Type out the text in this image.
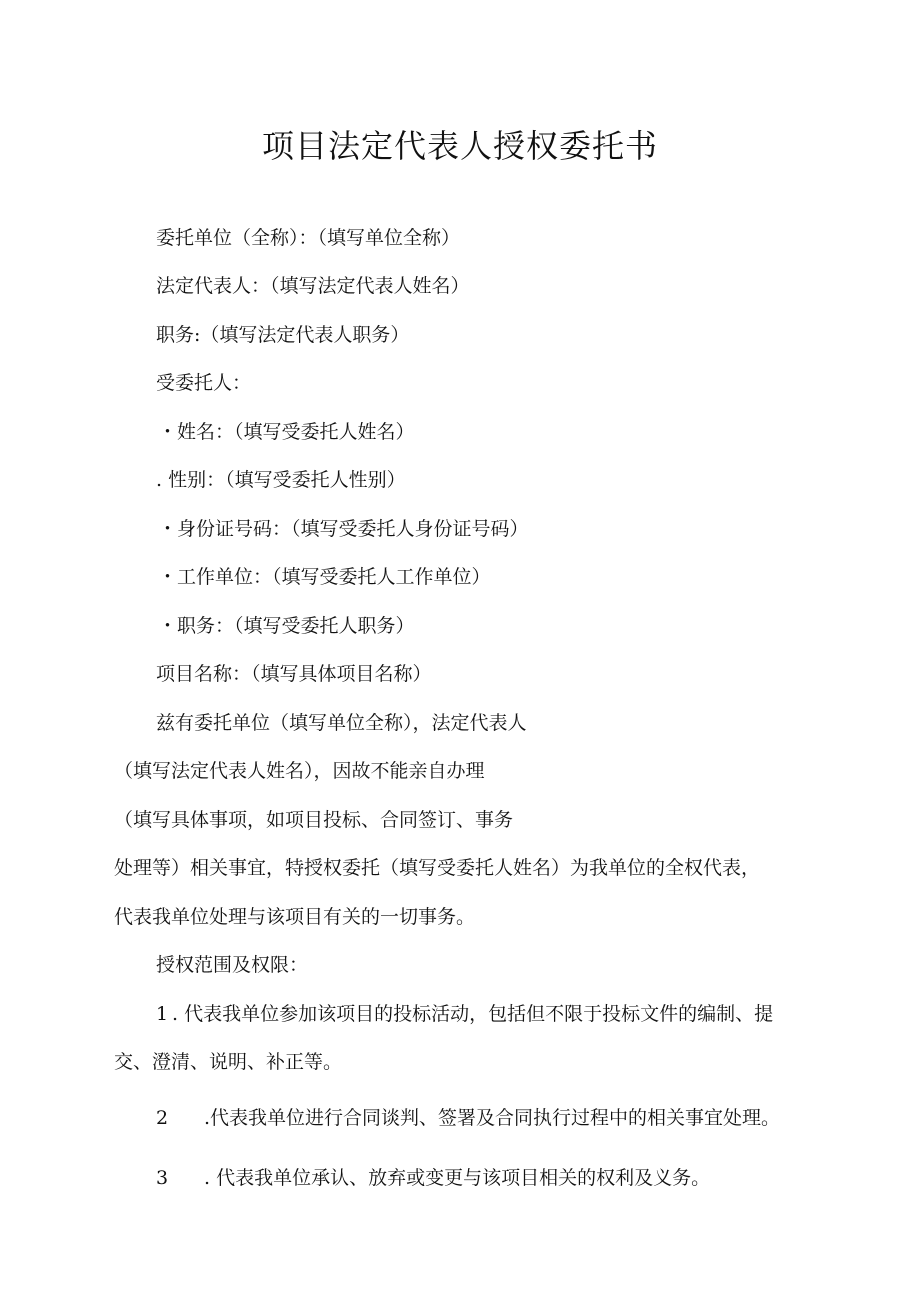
项目法定代表人授权委托书
委托单位（全称）：（填写单位全称）
法定代表人：（填写法定代表人姓名）
职务:（填写法定代表人职务）
受委托人：
・姓名：（填写受委托人姓名）
. 性别：（填写受委托人性别）
・身份证号码：（填写受委托人身份证号码）
・工作单位：（填写受委托人工作单位）
・职务：（填写受委托人职务）
项目名称：（填写具体项目名称）
兹有委托单位（填写单位全称），法定代表人
（填写法定代表人姓名），因故不能亲自办理
（填写具体事项，如项目投标、合同签订、事务
处理等）相关事宜，特授权委托（填写受委托人姓名）为我单位的全权代表，
代表我单位处理与该项目有关的一切事务。
授权范围及权限：
1 . 代表我单位参加该项目的投标活动，包括但不限于投标文件的编制、提
交、澄清、说明、补正等。
2 .代表我单位进行合同谈判、签署及合同执行过程中的相关事宜处理。
3 . 代表我单位承认、放弃或变更与该项目相关的权利及义务。
